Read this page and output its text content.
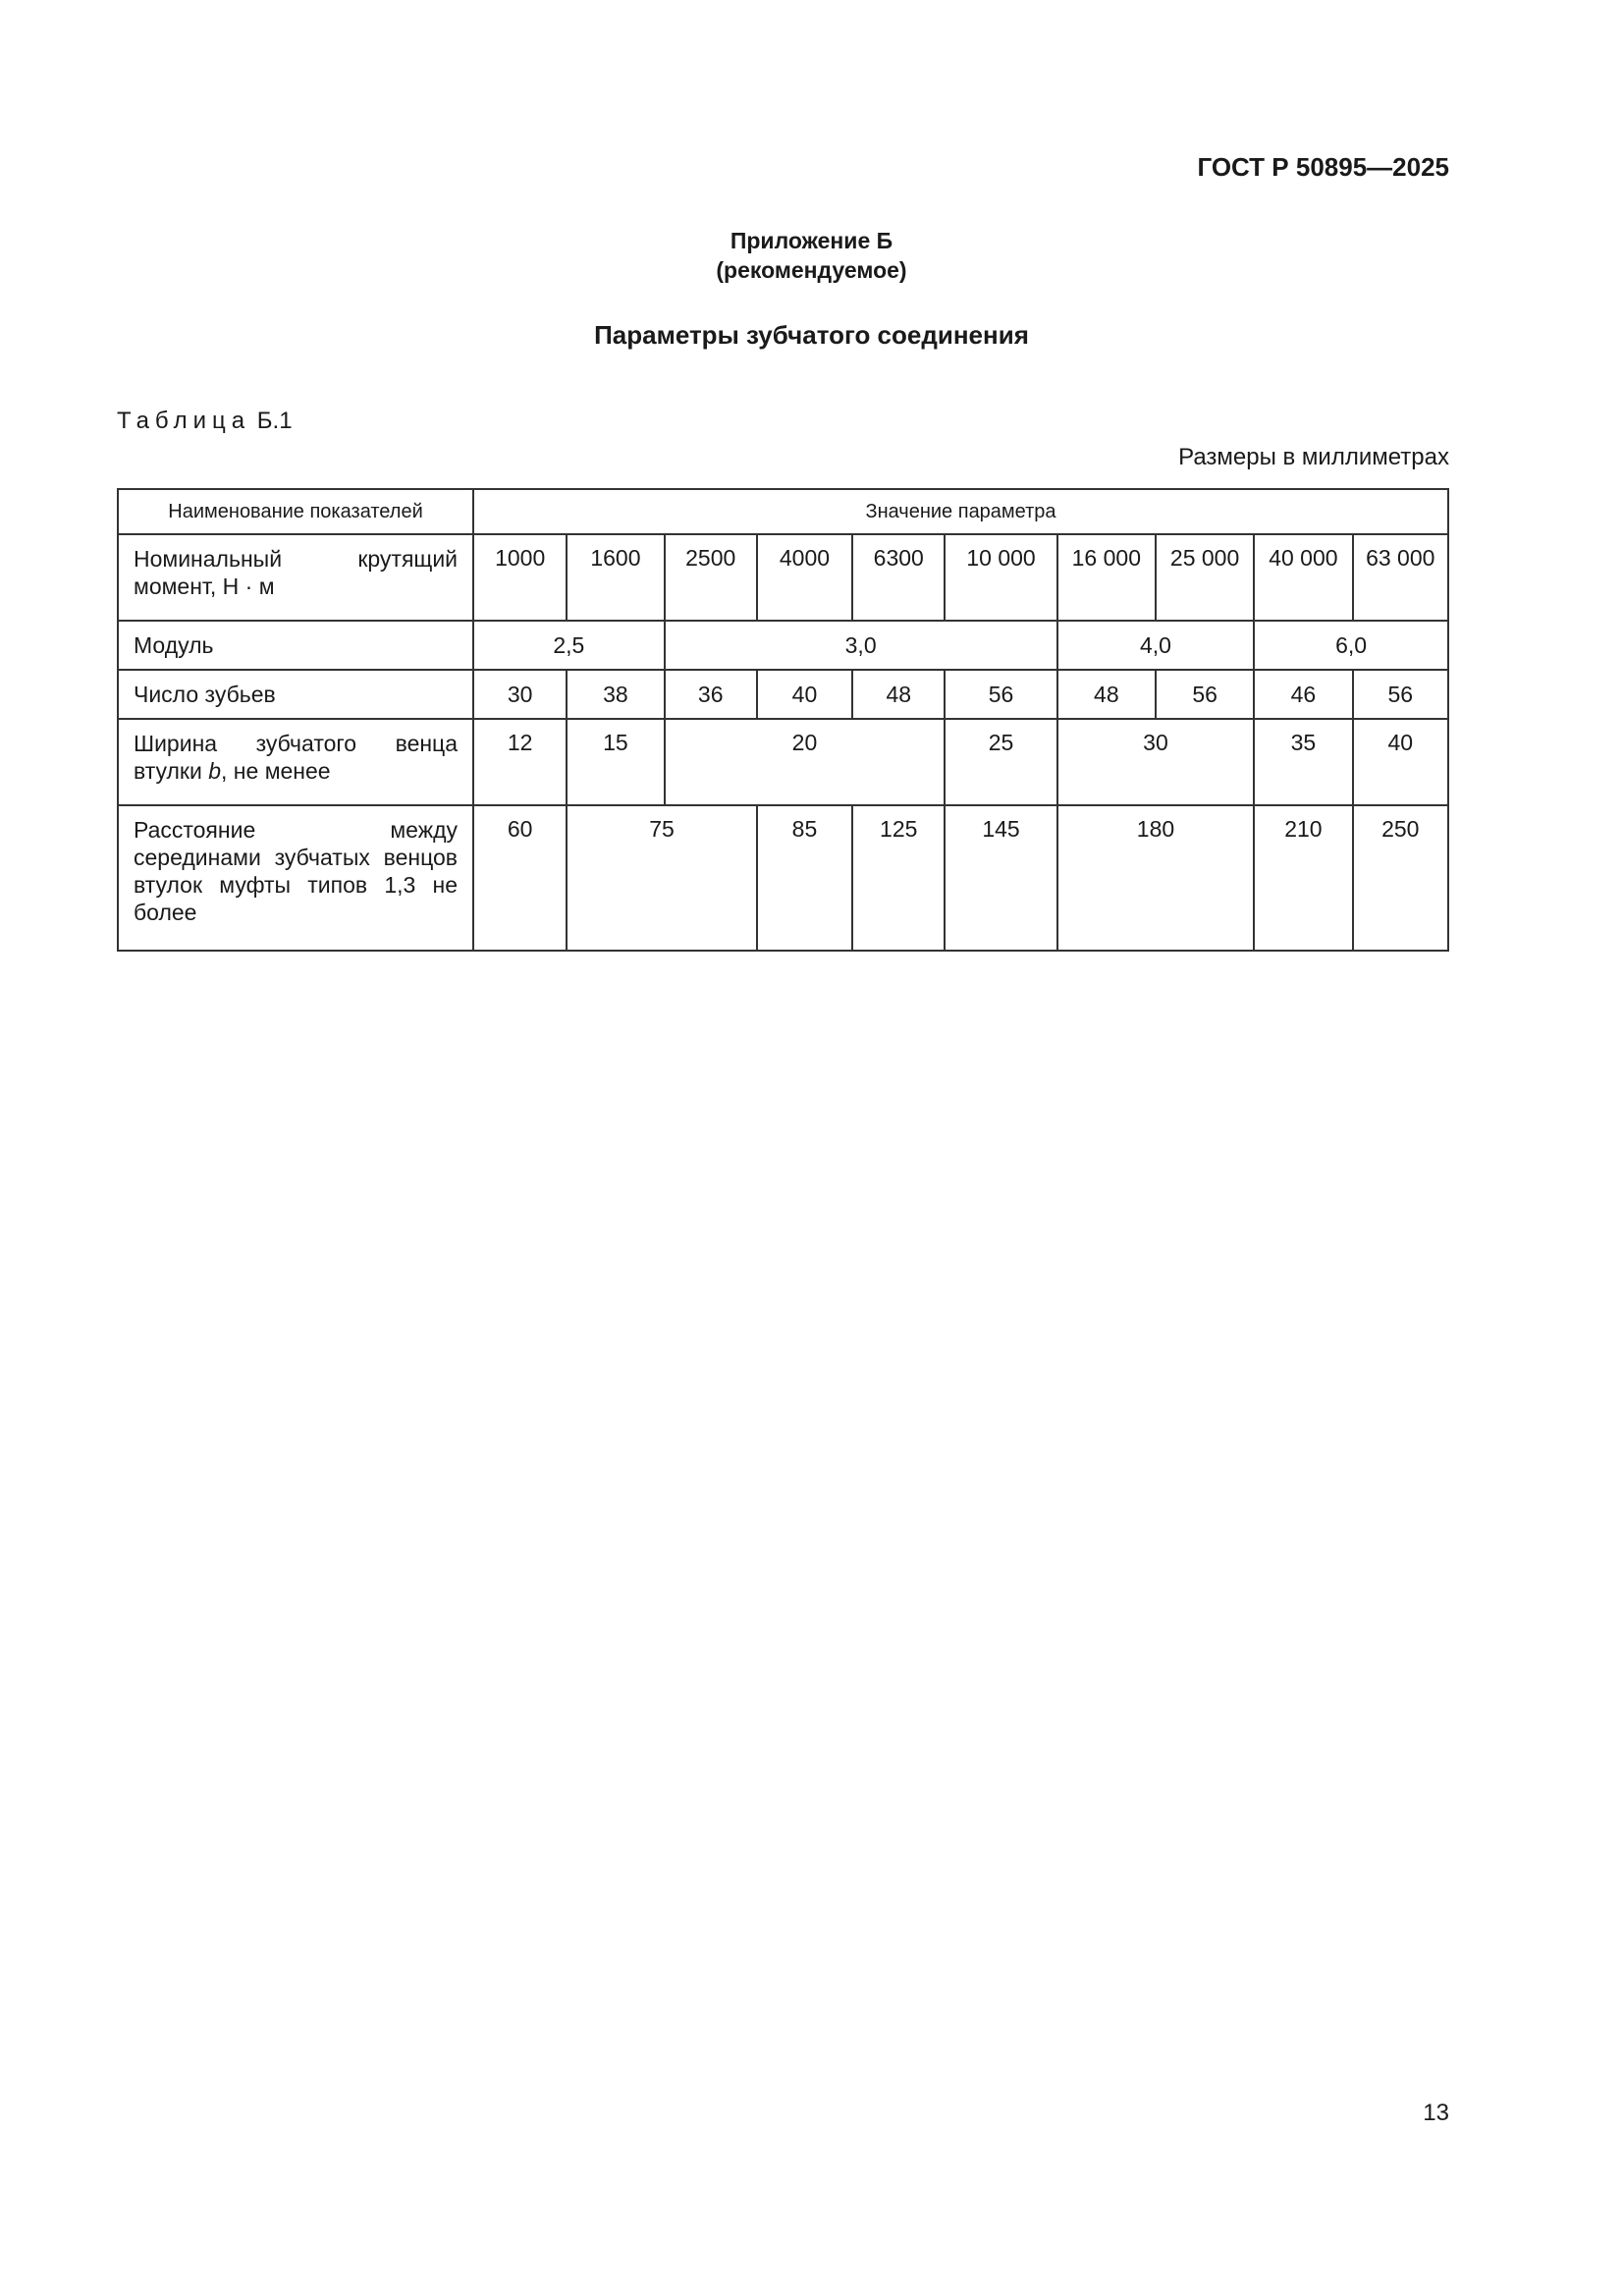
ГОСТ Р 50895—2025
Приложение Б
(рекомендуемое)
Параметры зубчатого соединения
Таблица Б.1
Размеры в миллиметрах
Наименование показателей	Значение параметра									
Номинальный крутящий момент, Н · м	1000	1600	2500	4000	6300	10 000	16 000	25 000	40 000	63 000
Модуль	2,5		3,0				4,0		6,0	
Число зубьев	30	38	36	40	48	56	48	56	46	56
Ширина зубчатого венца втулки b, не менее	12	15	20			25	30		35	40
Расстояние между серединами зубчатых венцов втулок муфты типов 1,3 не более	60	75		85	125	145	180		210	250
13
